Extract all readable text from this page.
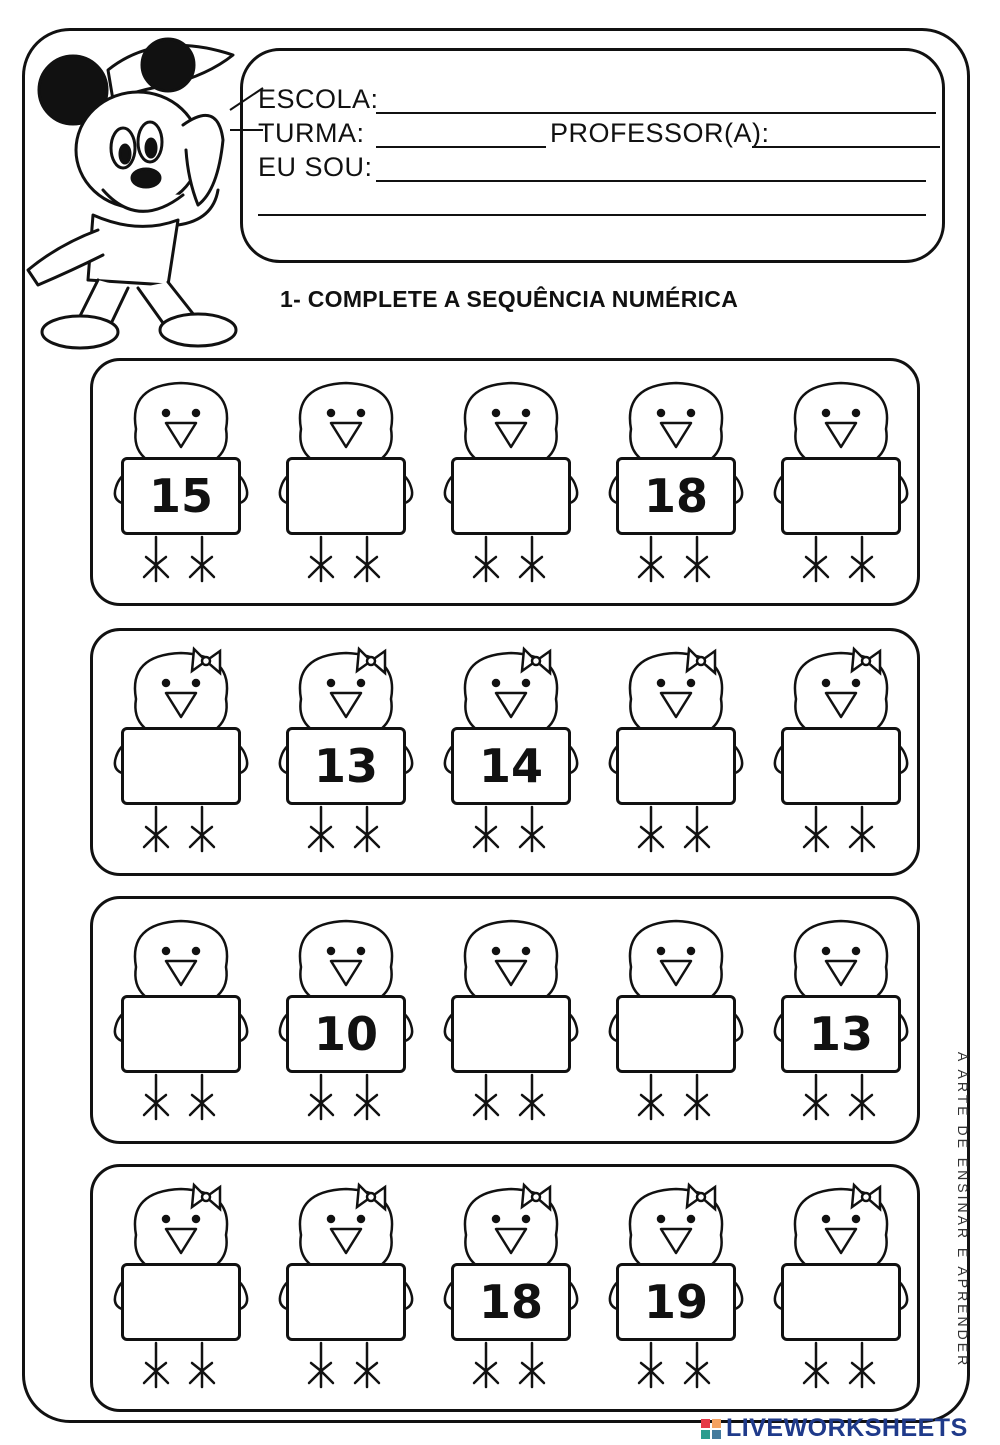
ESCOLA:
TURMA:	PROFESSOR(A):
EU SOU:
1- COMPLETE A SEQUÊNCIA NUMÉRICA
15	18
13	14
10	13
18	19	A ARTE DE ENSINAR E APRENDER
LIVEWORKSHEETS
